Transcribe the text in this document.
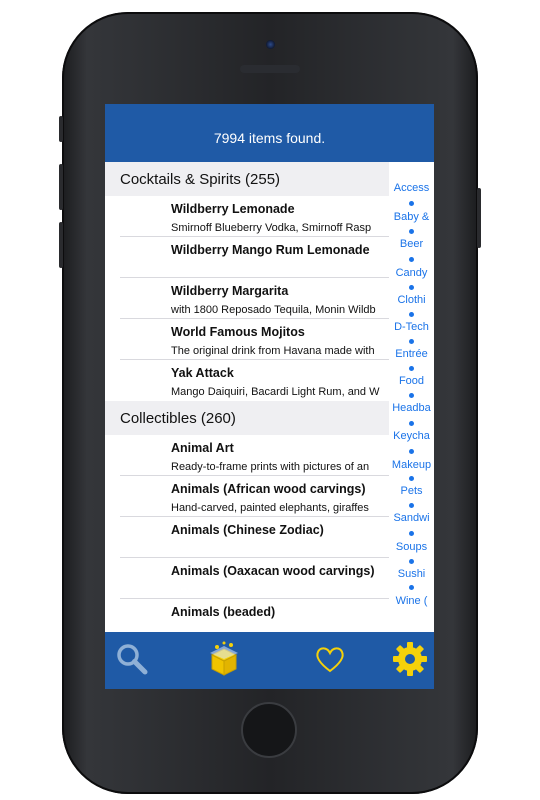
7994 items found.
Cocktails & Spirits (255)
Wildberry Lemonade
Smirnoff Blueberry Vodka, Smirnoff Rasp
Wildberry Mango Rum Lemonade
Wildberry Margarita
with 1800 Reposado Tequila, Monin Wildb
World Famous Mojitos
The original drink from Havana made with
Yak Attack
Mango Daiquiri, Bacardi Light Rum, and W
Collectibles (260)
Animal Art
Ready-to-frame prints with pictures of an
Animals (African wood carvings)
Hand-carved, painted elephants, giraffes
Animals (Chinese Zodiac)
Animals (Oaxacan wood carvings)
Animals (beaded)
Access
Baby &
Beer
Candy
Clothi
D-Tech
Entrée
Food
Headba
Keycha
Makeup
Pets
Sandwi
Soups
Sushi
Wine (
